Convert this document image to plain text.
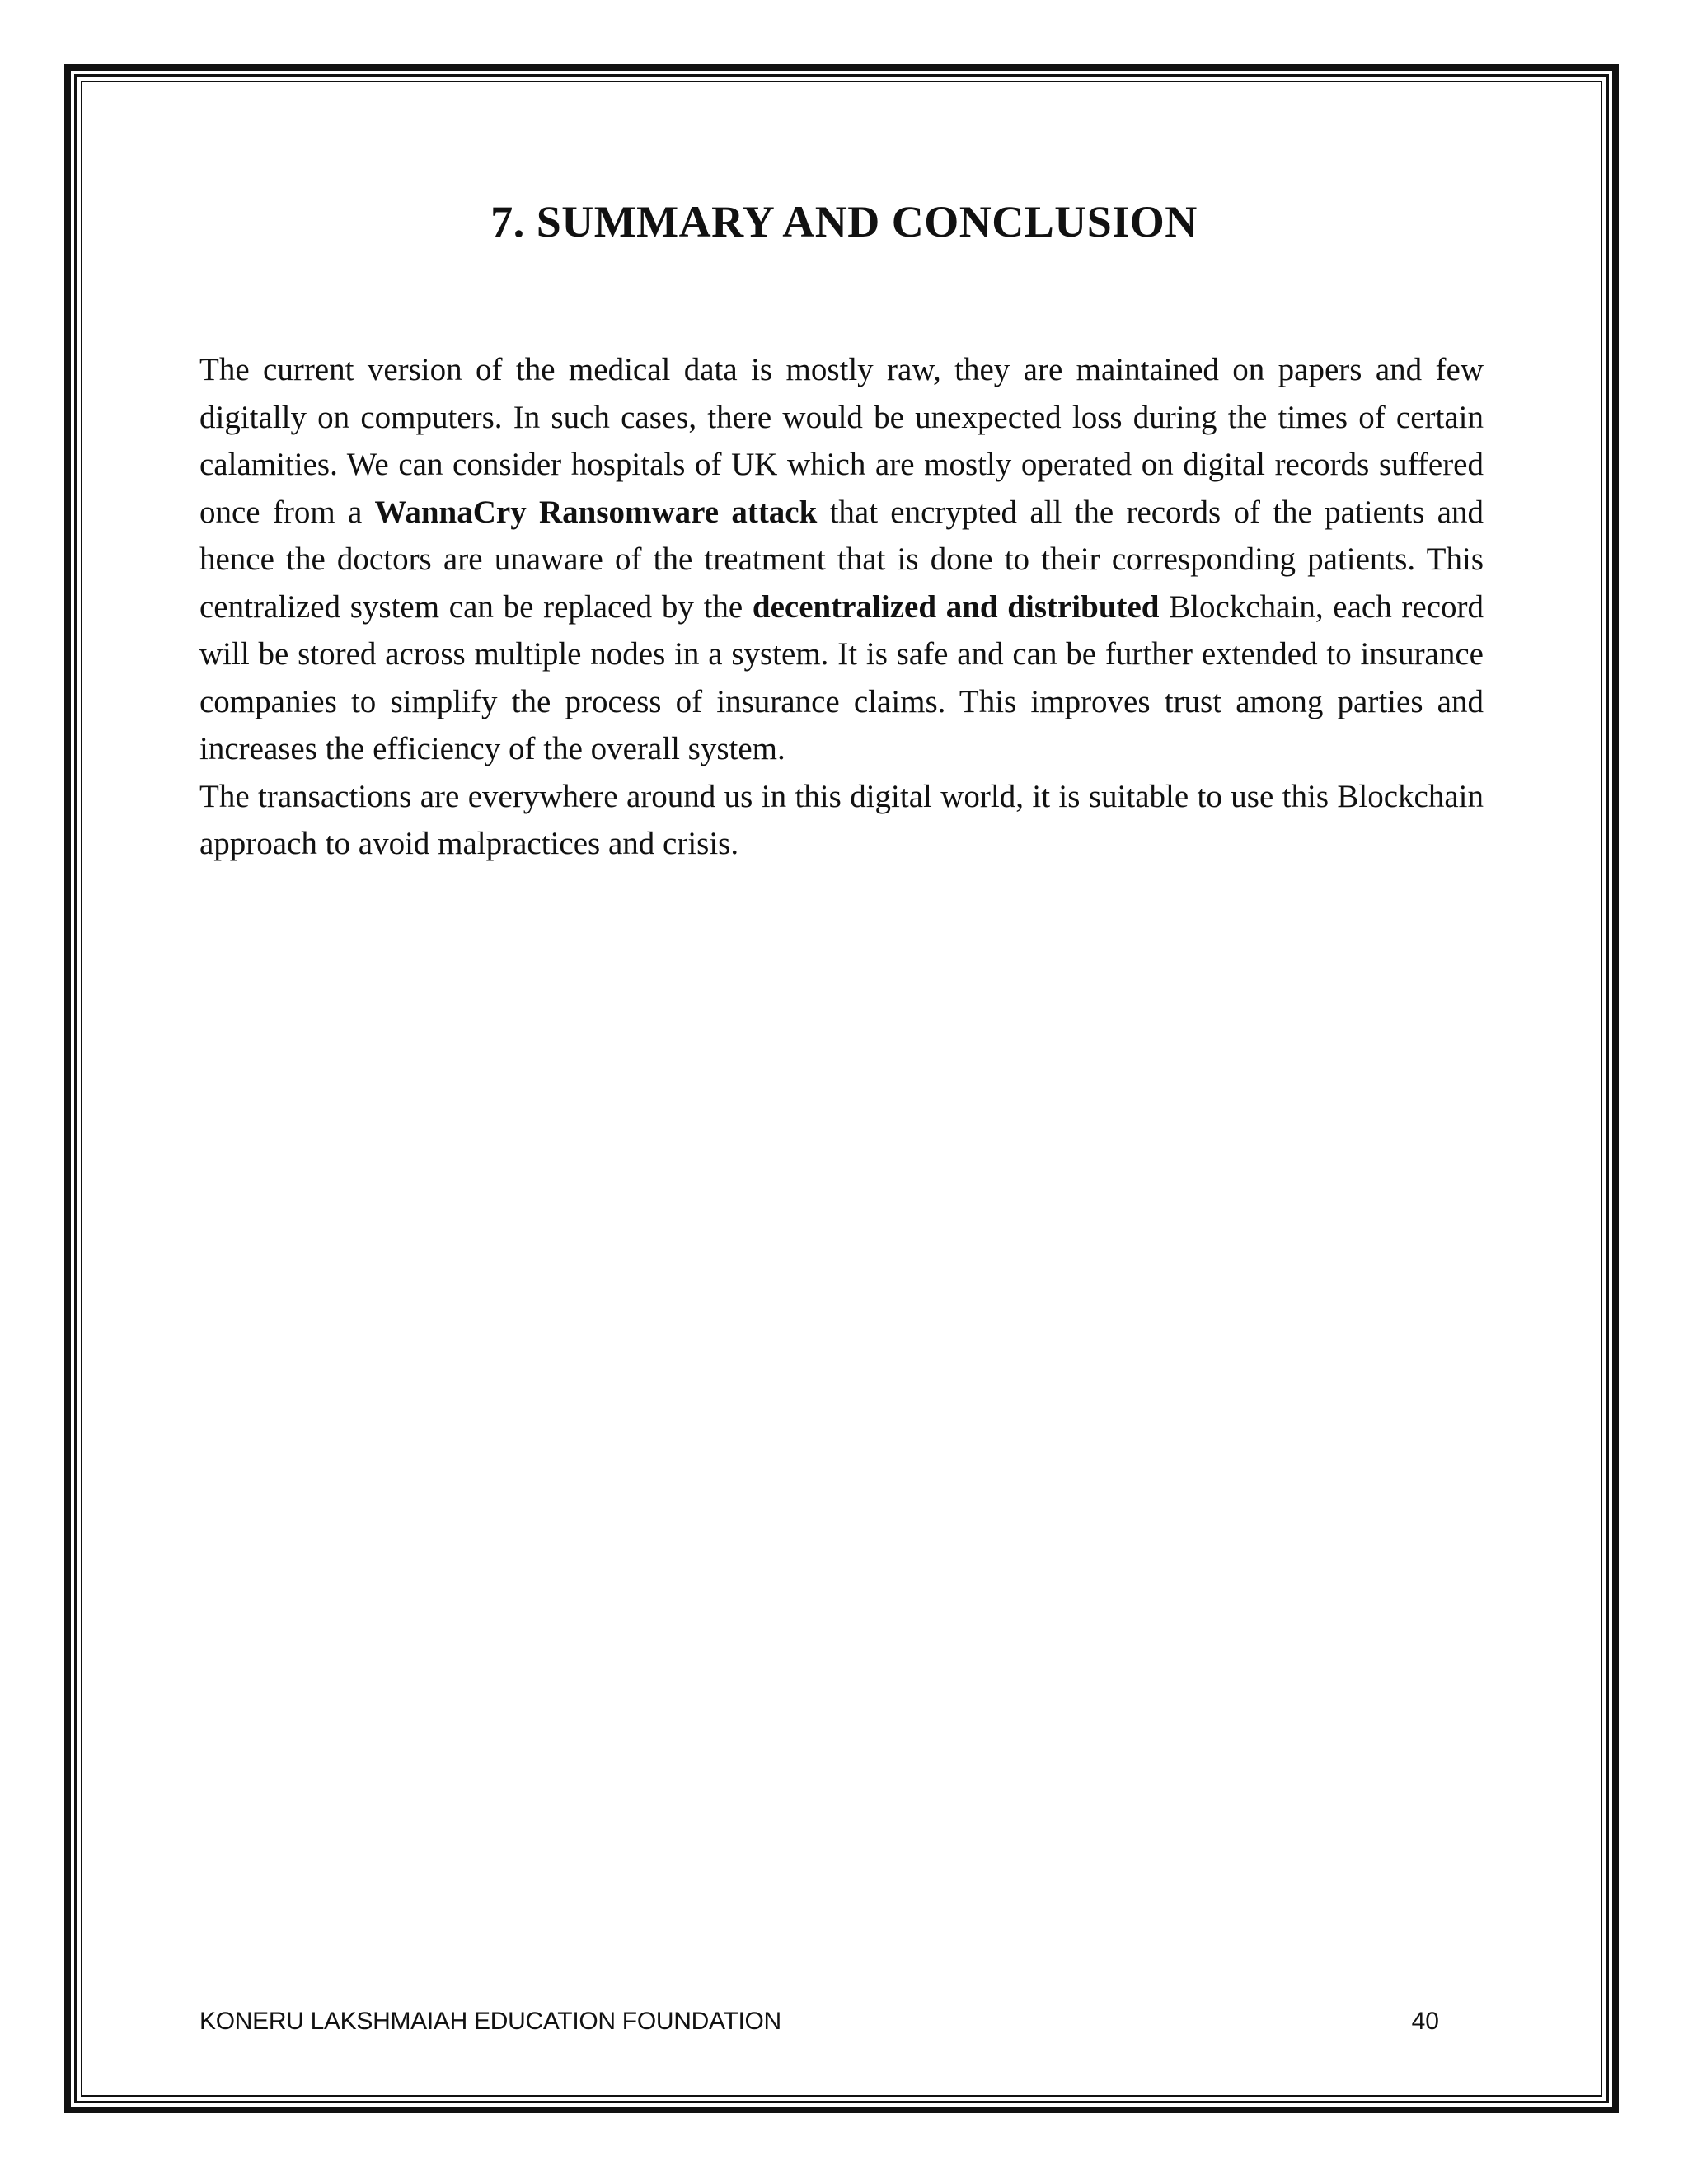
7. SUMMARY AND CONCLUSION

The current version of the medical data is mostly raw, they are maintained on papers and few digitally on computers. In such cases, there would be unexpected loss during the times of certain calamities. We can consider hospitals of UK which are mostly operated on digital records suffered once from a WannaCry Ransomware attack that encrypted all the records of the patients and hence the doctors are unaware of the treatment that is done to their corresponding patients. This centralized system can be replaced by the decentralized and distributed Blockchain, each record will be stored across multiple nodes in a system. It is safe and can be further extended to insurance companies to simplify the process of insurance claims. This improves trust among parties and increases the efficiency of the overall system.

The transactions are everywhere around us in this digital world, it is suitable to use this Blockchain approach to avoid malpractices and crisis.

KONERU LAKSHMAIAH EDUCATION FOUNDATION	40
